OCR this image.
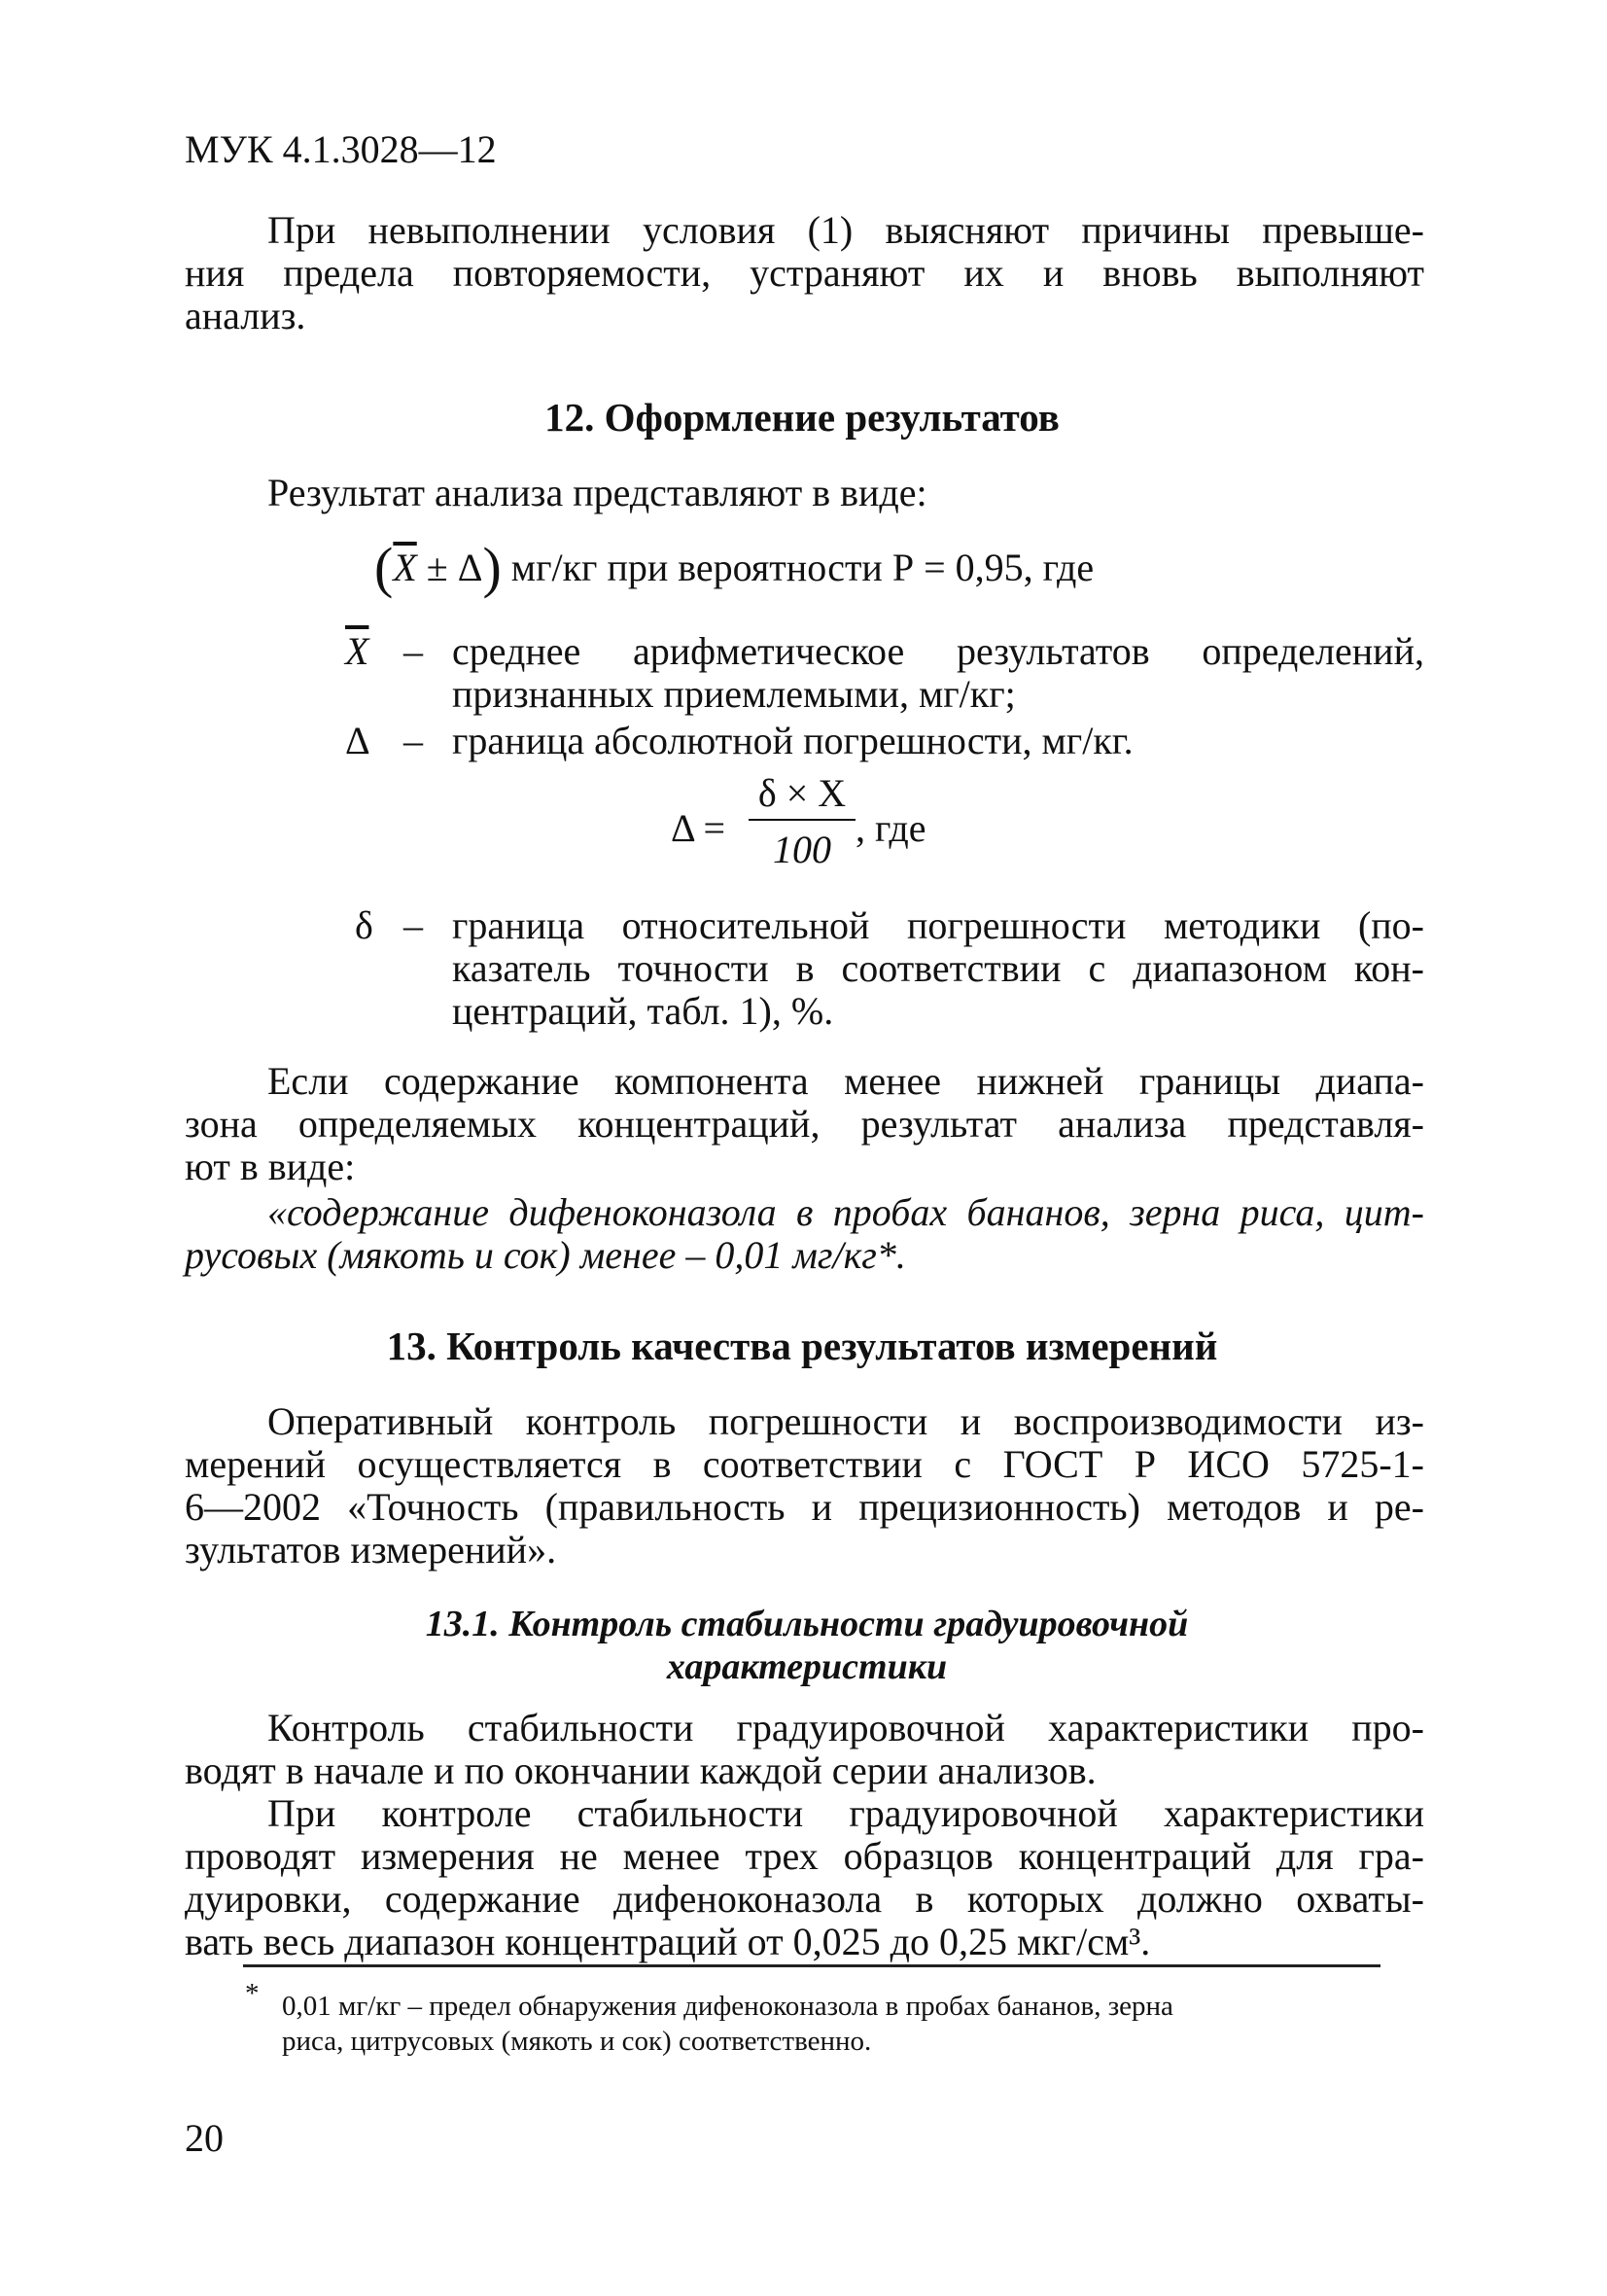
МУК 4.1.3028—12
При невыполнении условия (1) выясняют причины превыше-
ния предела повторяемости, устраняют их и вновь выполняют
анализ.
12. Оформление результатов
Результат анализа представляют в виде:
$(\overline{X} \pm \Delta)$ мг/кг при вероятности Р = 0,95, где
$\overline{X}$ – среднее арифметическое результатов определений,
признанных приемлемыми, мг/кг;
Δ – граница абсолютной погрешности, мг/кг.
Δ =
δ × X
100 , где
δ – граница относительной погрешности методики (по-
казатель точности в соответствии с диапазоном кон-
центраций, табл. 1), %.
Если содержание компонента менее нижней границы диапа-
зона определяемых концентраций, результат анализа представля-
ют в виде:
«содержание дифеноконазола в пробах бананов, зерна риса, цит-
русовых (мякоть и сок) менее – 0,01 мг/кг*.
13. Контроль качества результатов измерений
Оперативный контроль погрешности и воспроизводимости из-
мерений осуществляется в соответствии с ГОСТ Р ИСО 5725-1-
6—2002 «Точность (правильность и прецизионность) методов и ре-
зультатов измерений».
13.1. Контроль стабильности градуировочной
характеристики
Контроль стабильности градуировочной характеристики про-
водят в начале и по окончании каждой серии анализов.
При контроле стабильности градуировочной характеристики
проводят измерения не менее трех образцов концентраций для гра-
дуировки, содержание дифеноконазола в которых должно охваты-
вать весь диапазон концентраций от 0,025 до 0,25 мкг/см³.
* 0,01 мг/кг – предел обнаружения дифеноконазола в пробах бананов, зерна
риса, цитрусовых (мякоть и сок) соответственно.
20
